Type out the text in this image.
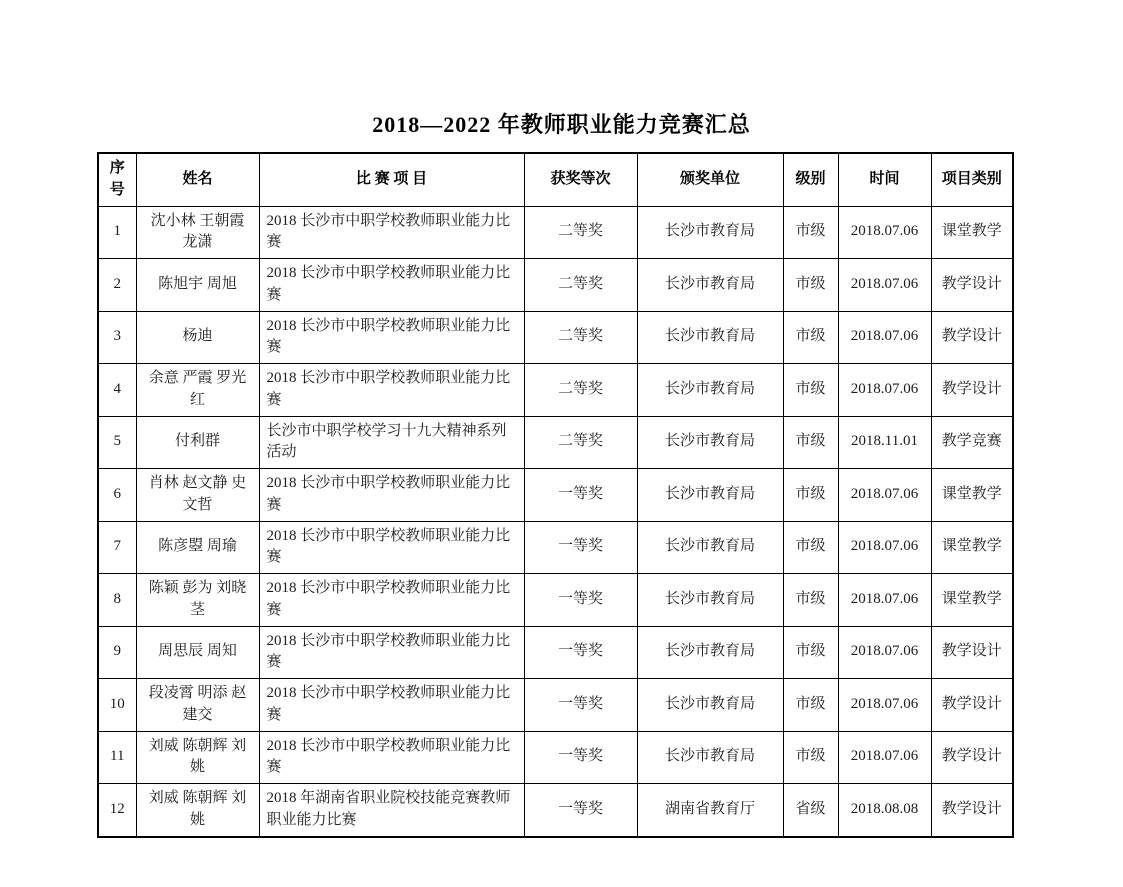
2018—2022 年教师职业能力竞赛汇总
序号	姓名	比 赛 项 目	获奖等次	颁奖单位	级别	时间	项目类别
1	沈小林 王朝霞 龙潇	2018 长沙市中职学校教师职业能力比赛	二等奖	长沙市教育局	市级	2018.07.06	课堂教学
2	陈旭宇 周旭	2018 长沙市中职学校教师职业能力比赛	二等奖	长沙市教育局	市级	2018.07.06	教学设计
3	杨迪	2018 长沙市中职学校教师职业能力比赛	二等奖	长沙市教育局	市级	2018.07.06	教学设计
4	余意 严霞 罗光红	2018 长沙市中职学校教师职业能力比赛	二等奖	长沙市教育局	市级	2018.07.06	教学设计
5	付利群	长沙市中职学校学习十九大精神系列活动	二等奖	长沙市教育局	市级	2018.11.01	教学竞赛
6	肖林 赵文静 史文哲	2018 长沙市中职学校教师职业能力比赛	一等奖	长沙市教育局	市级	2018.07.06	课堂教学
7	陈彦曌 周瑜	2018 长沙市中职学校教师职业能力比赛	一等奖	长沙市教育局	市级	2018.07.06	课堂教学
8	陈颖 彭为 刘晓茎	2018 长沙市中职学校教师职业能力比赛	一等奖	长沙市教育局	市级	2018.07.06	课堂教学
9	周思辰 周知	2018 长沙市中职学校教师职业能力比赛	一等奖	长沙市教育局	市级	2018.07.06	教学设计
10	段凌霄 明添 赵建交	2018 长沙市中职学校教师职业能力比赛	一等奖	长沙市教育局	市级	2018.07.06	教学设计
11	刘威 陈朝辉 刘姚	2018 长沙市中职学校教师职业能力比赛	一等奖	长沙市教育局	市级	2018.07.06	教学设计
12	刘威 陈朝辉 刘姚	2018 年湖南省职业院校技能竞赛教师职业能力比赛	一等奖	湖南省教育厅	省级	2018.08.08	教学设计
